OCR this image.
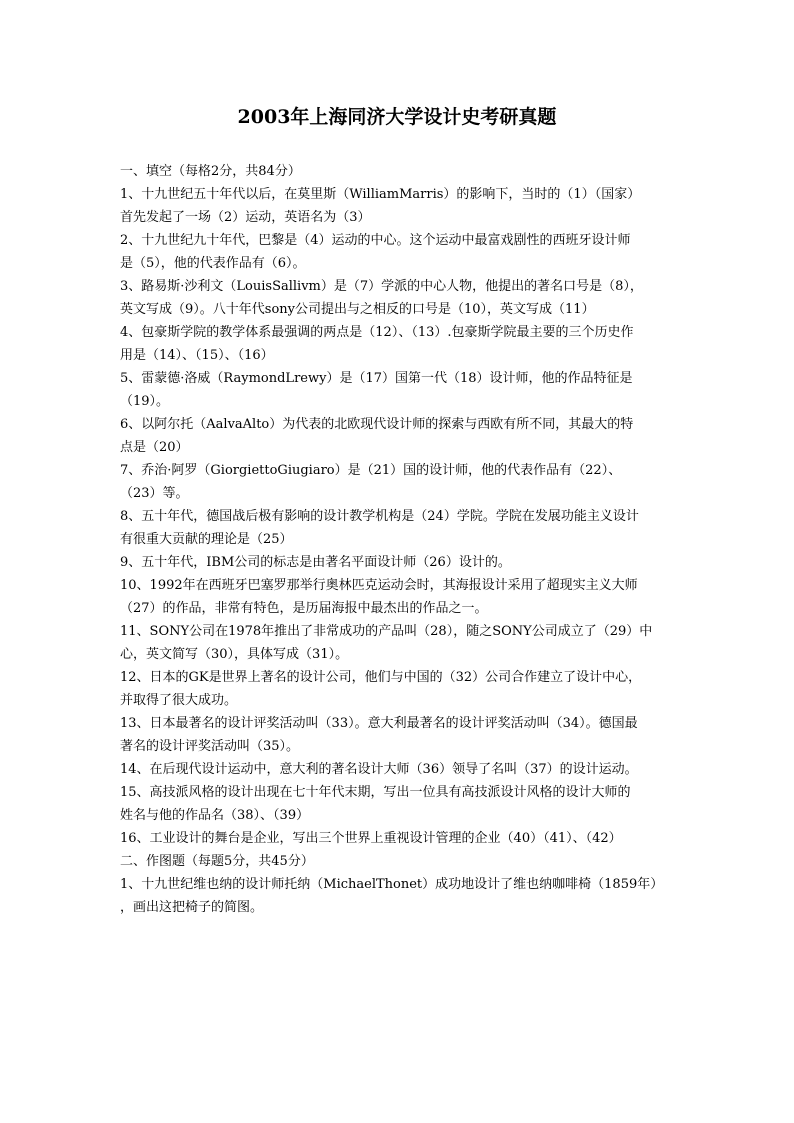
2003年上海同济大学设计史考研真题
一、填空（每格2分，共84分）
1、十九世纪五十年代以后，在莫里斯（WilliamMarris）的影响下，当时的（1）（国家）
首先发起了一场（2）运动，英语名为（3）
2、十九世纪九十年代，巴黎是（4）运动的中心。这个运动中最富戏剧性的西班牙设计师
是（5），他的代表作品有（6）。
3、路易斯·沙利文（LouisSallivm）是（7）学派的中心人物，他提出的著名口号是（8），
英文写成（9）。八十年代sony公司提出与之相反的口号是（10），英文写成（11）
4、包豪斯学院的教学体系最强调的两点是（12）、（13）.包豪斯学院最主要的三个历史作
用是（14）、（15）、（16）
5、雷蒙德·洛威（RaymondLrewy）是（17）国第一代（18）设计师，他的作品特征是
（19）。
6、以阿尔托（AalvaAlto）为代表的北欧现代设计师的探索与西欧有所不同，其最大的特
点是（20）
7、乔治·阿罗（GiorgiettoGiugiaro）是（21）国的设计师，他的代表作品有（22）、
（23）等。
8、五十年代，德国战后极有影响的设计教学机构是（24）学院。学院在发展功能主义设计
有很重大贡献的理论是（25）
9、五十年代，IBM公司的标志是由著名平面设计师（26）设计的。
10、1992年在西班牙巴塞罗那举行奥林匹克运动会时，其海报设计采用了超现实主义大师
（27）的作品，非常有特色，是历届海报中最杰出的作品之一。
11、SONY公司在1978年推出了非常成功的产品叫（28），随之SONY公司成立了（29）中
心，英文简写（30），具体写成（31）。
12、日本的GK是世界上著名的设计公司，他们与中国的（32）公司合作建立了设计中心，
并取得了很大成功。
13、日本最著名的设计评奖活动叫（33）。意大利最著名的设计评奖活动叫（34）。德国最
著名的设计评奖活动叫（35）。
14、在后现代设计运动中，意大利的著名设计大师（36）领导了名叫（37）的设计运动。
15、高技派风格的设计出现在七十年代末期，写出一位具有高技派设计风格的设计大师的
姓名与他的作品名（38）、（39）
16、工业设计的舞台是企业，写出三个世界上重视设计管理的企业（40）（41）、（42）
二、作图题（每题5分，共45分）
1、十九世纪维也纳的设计师托纳（MichaelThonet）成功地设计了维也纳咖啡椅（1859年）
，画出这把椅子的简图。
